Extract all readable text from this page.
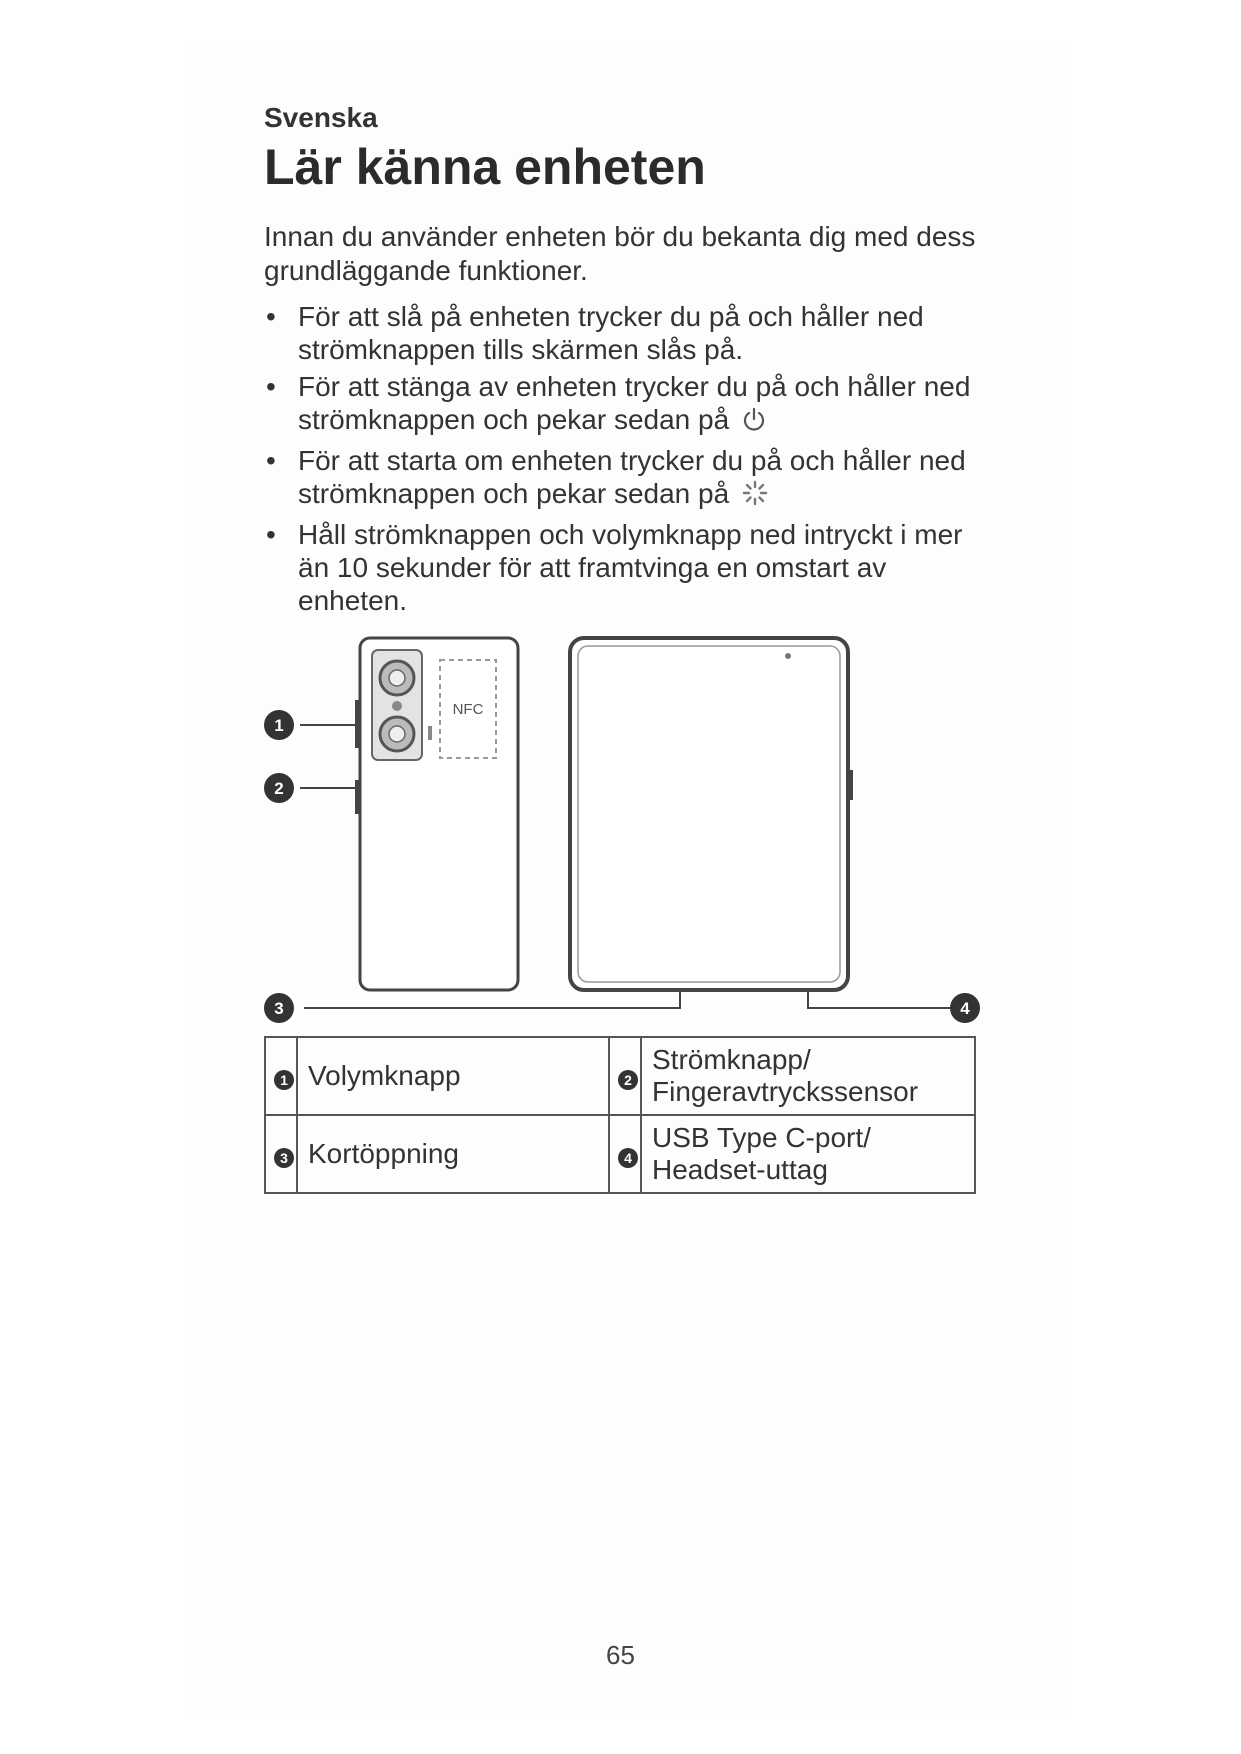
Svenska
Lär känna enheten
Innan du använder enheten bör du bekanta dig med dess grundläggande funktioner.
• För att slå på enheten trycker du på och håller ned strömknappen tills skärmen slås på.
• För att stänga av enheten trycker du på och håller ned strömknappen och pekar sedan på
• För att starta om enheten trycker du på och håller ned strömknappen och pekar sedan på
• Håll strömknappen och volymknapp ned intryckt i mer än 10 sekunder för att framtvinga en omstart av enheten.
NFC
1
2
3	4
1	Volymknapp	2	Strömknapp/ Fingeravtryckssensor
3	Kortöppning	4	USB Type C-port/ Headset-uttag
65
